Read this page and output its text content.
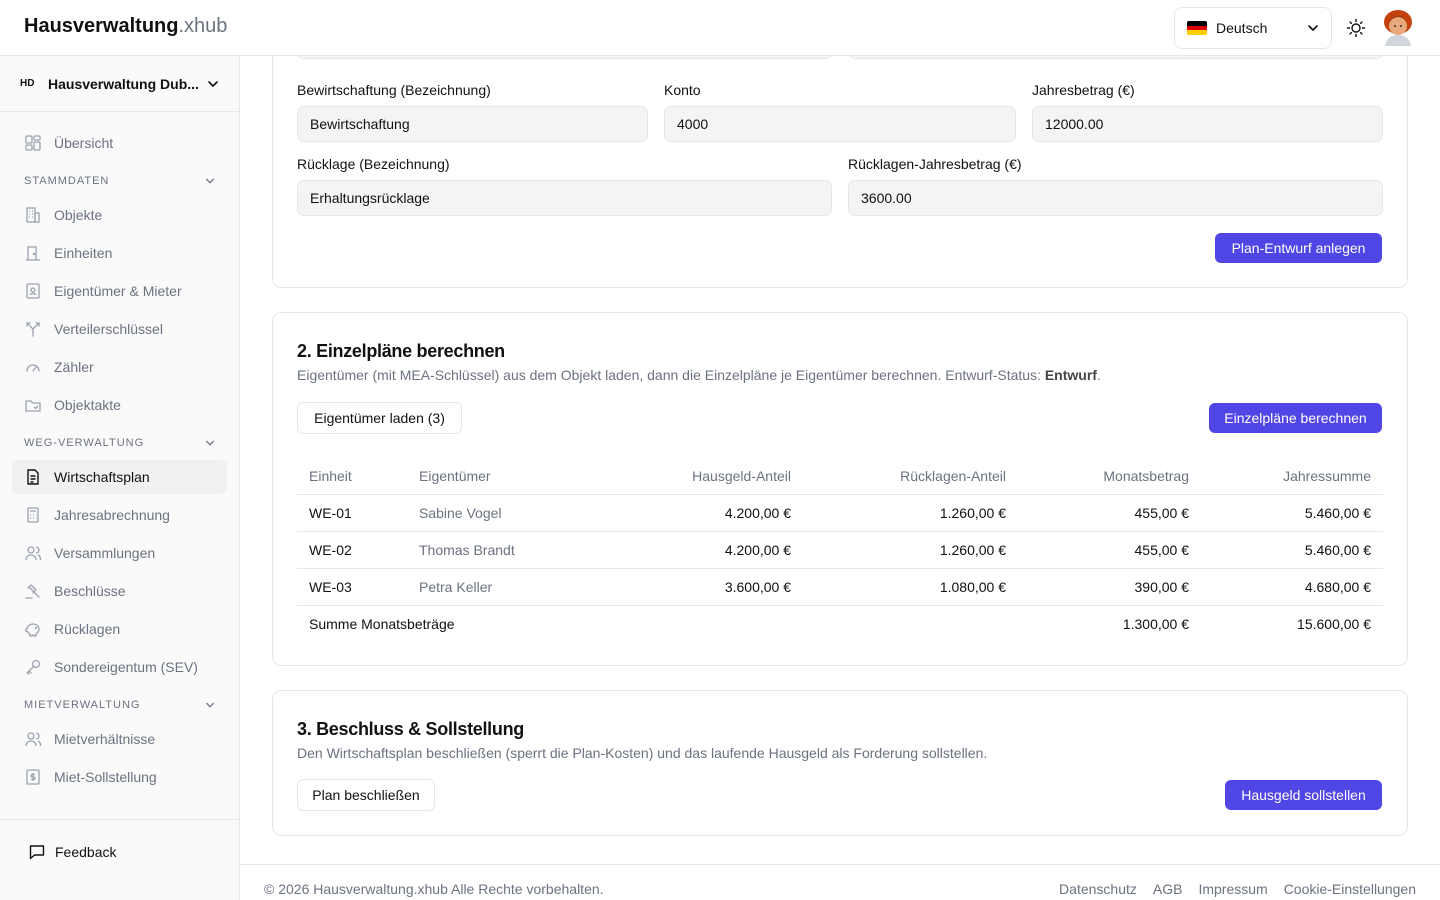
Hausverwaltung.xhub	Deutsch
HD Hausverwaltung Dub...
Übersicht
STAMMDATEN
Objekte
Einheiten
Eigentümer & Mieter
Verteilerschlüssel
Zähler
Objektakte
WEG-VERWALTUNG
Wirtschaftsplan
Jahresabrechnung
Versammlungen
Beschlüsse
Rücklagen
Sondereigentum (SEV)
MIETVERWALTUNG
Mietverhältnisse
Miet-Sollstellung
Feedback
Bewirtschaftung (Bezeichnung)
Bewirtschaftung
Konto
4000
Jahresbetrag (€)
12000.00
Rücklage (Bezeichnung)
Erhaltungsrücklage
Rücklagen-Jahresbetrag (€)
3600.00
Plan-Entwurf anlegen
2. Einzelpläne berechnen

Eigentümer (mit MEA-Schlüssel) aus dem Objekt laden, dann die Einzelpläne je Eigentümer berechnen. Entwurf-Status: Entwurf.

Eigentümer laden (3)	Einzelpläne berechnen
Einheit	Eigentümer	Hausgeld-Anteil	Rücklagen-Anteil	Monatsbetrag	Jahressumme
WE-01	Sabine Vogel	4.200,00 €	1.260,00 €	455,00 €	5.460,00 €
WE-02	Thomas Brandt	4.200,00 €	1.260,00 €	455,00 €	5.460,00 €
WE-03	Petra Keller	3.600,00 €	1.080,00 €	390,00 €	4.680,00 €
Summe Monatsbeträge				1.300,00 €	15.600,00 €
3. Beschluss & Sollstellung

Den Wirtschaftsplan beschließen (sperrt die Plan-Kosten) und das laufende Hausgeld als Forderung sollstellen.

Plan beschließen	Hausgeld sollstellen
© 2026 Hausverwaltung.xhub Alle Rechte vorbehalten.	Datenschutz AGB Impressum Cookie-Einstellungen
